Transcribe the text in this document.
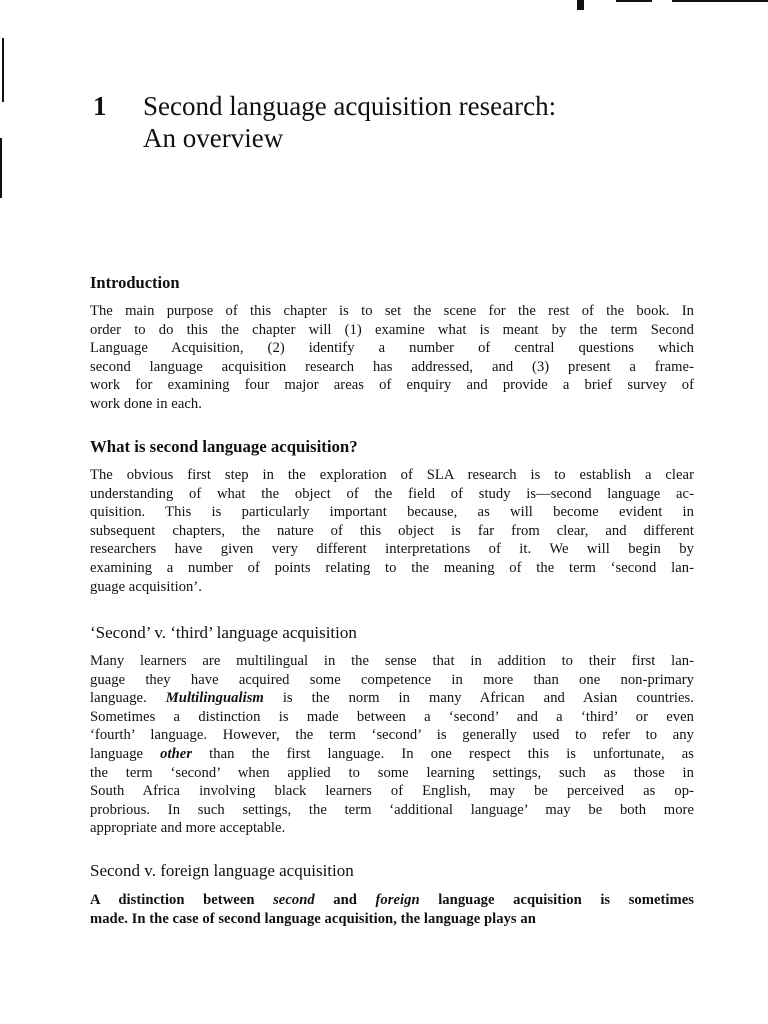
1	Second language acquisition research:
An overview
Introduction

The main purpose of this chapter is to set the scene for the rest of the book. In
order to do this the chapter will (1) examine what is meant by the term Second
Language Acquisition, (2) identify a number of central questions which
second language acquisition research has addressed, and (3) present a frame-
work for examining four major areas of enquiry and provide a brief survey of
work done in each.

What is second language acquisition?

The obvious first step in the exploration of SLA research is to establish a clear
understanding of what the object of the field of study is—second language ac-
quisition. This is particularly important because, as will become evident in
subsequent chapters, the nature of this object is far from clear, and different
researchers have given very different interpretations of it. We will begin by
examining a number of points relating to the meaning of the term ‘second lan-
guage acquisition’.

‘Second’ v. ‘third’ language acquisition

Many learners are multilingual in the sense that in addition to their first lan-
guage they have acquired some competence in more than one non-primary
language. Multilingualism is the norm in many African and Asian countries.
Sometimes a distinction is made between a ‘second’ and a ‘third’ or even
‘fourth’ language. However, the term ‘second’ is generally used to refer to any
language other than the first language. In one respect this is unfortunate, as
the term ‘second’ when applied to some learning settings, such as those in
South Africa involving black learners of English, may be perceived as op-
probrious. In such settings, the term ‘additional language’ may be both more
appropriate and more acceptable.

Second v. foreign language acquisition

A distinction between second and foreign language acquisition is sometimes
made. In the case of second language acquisition, the language plays an
